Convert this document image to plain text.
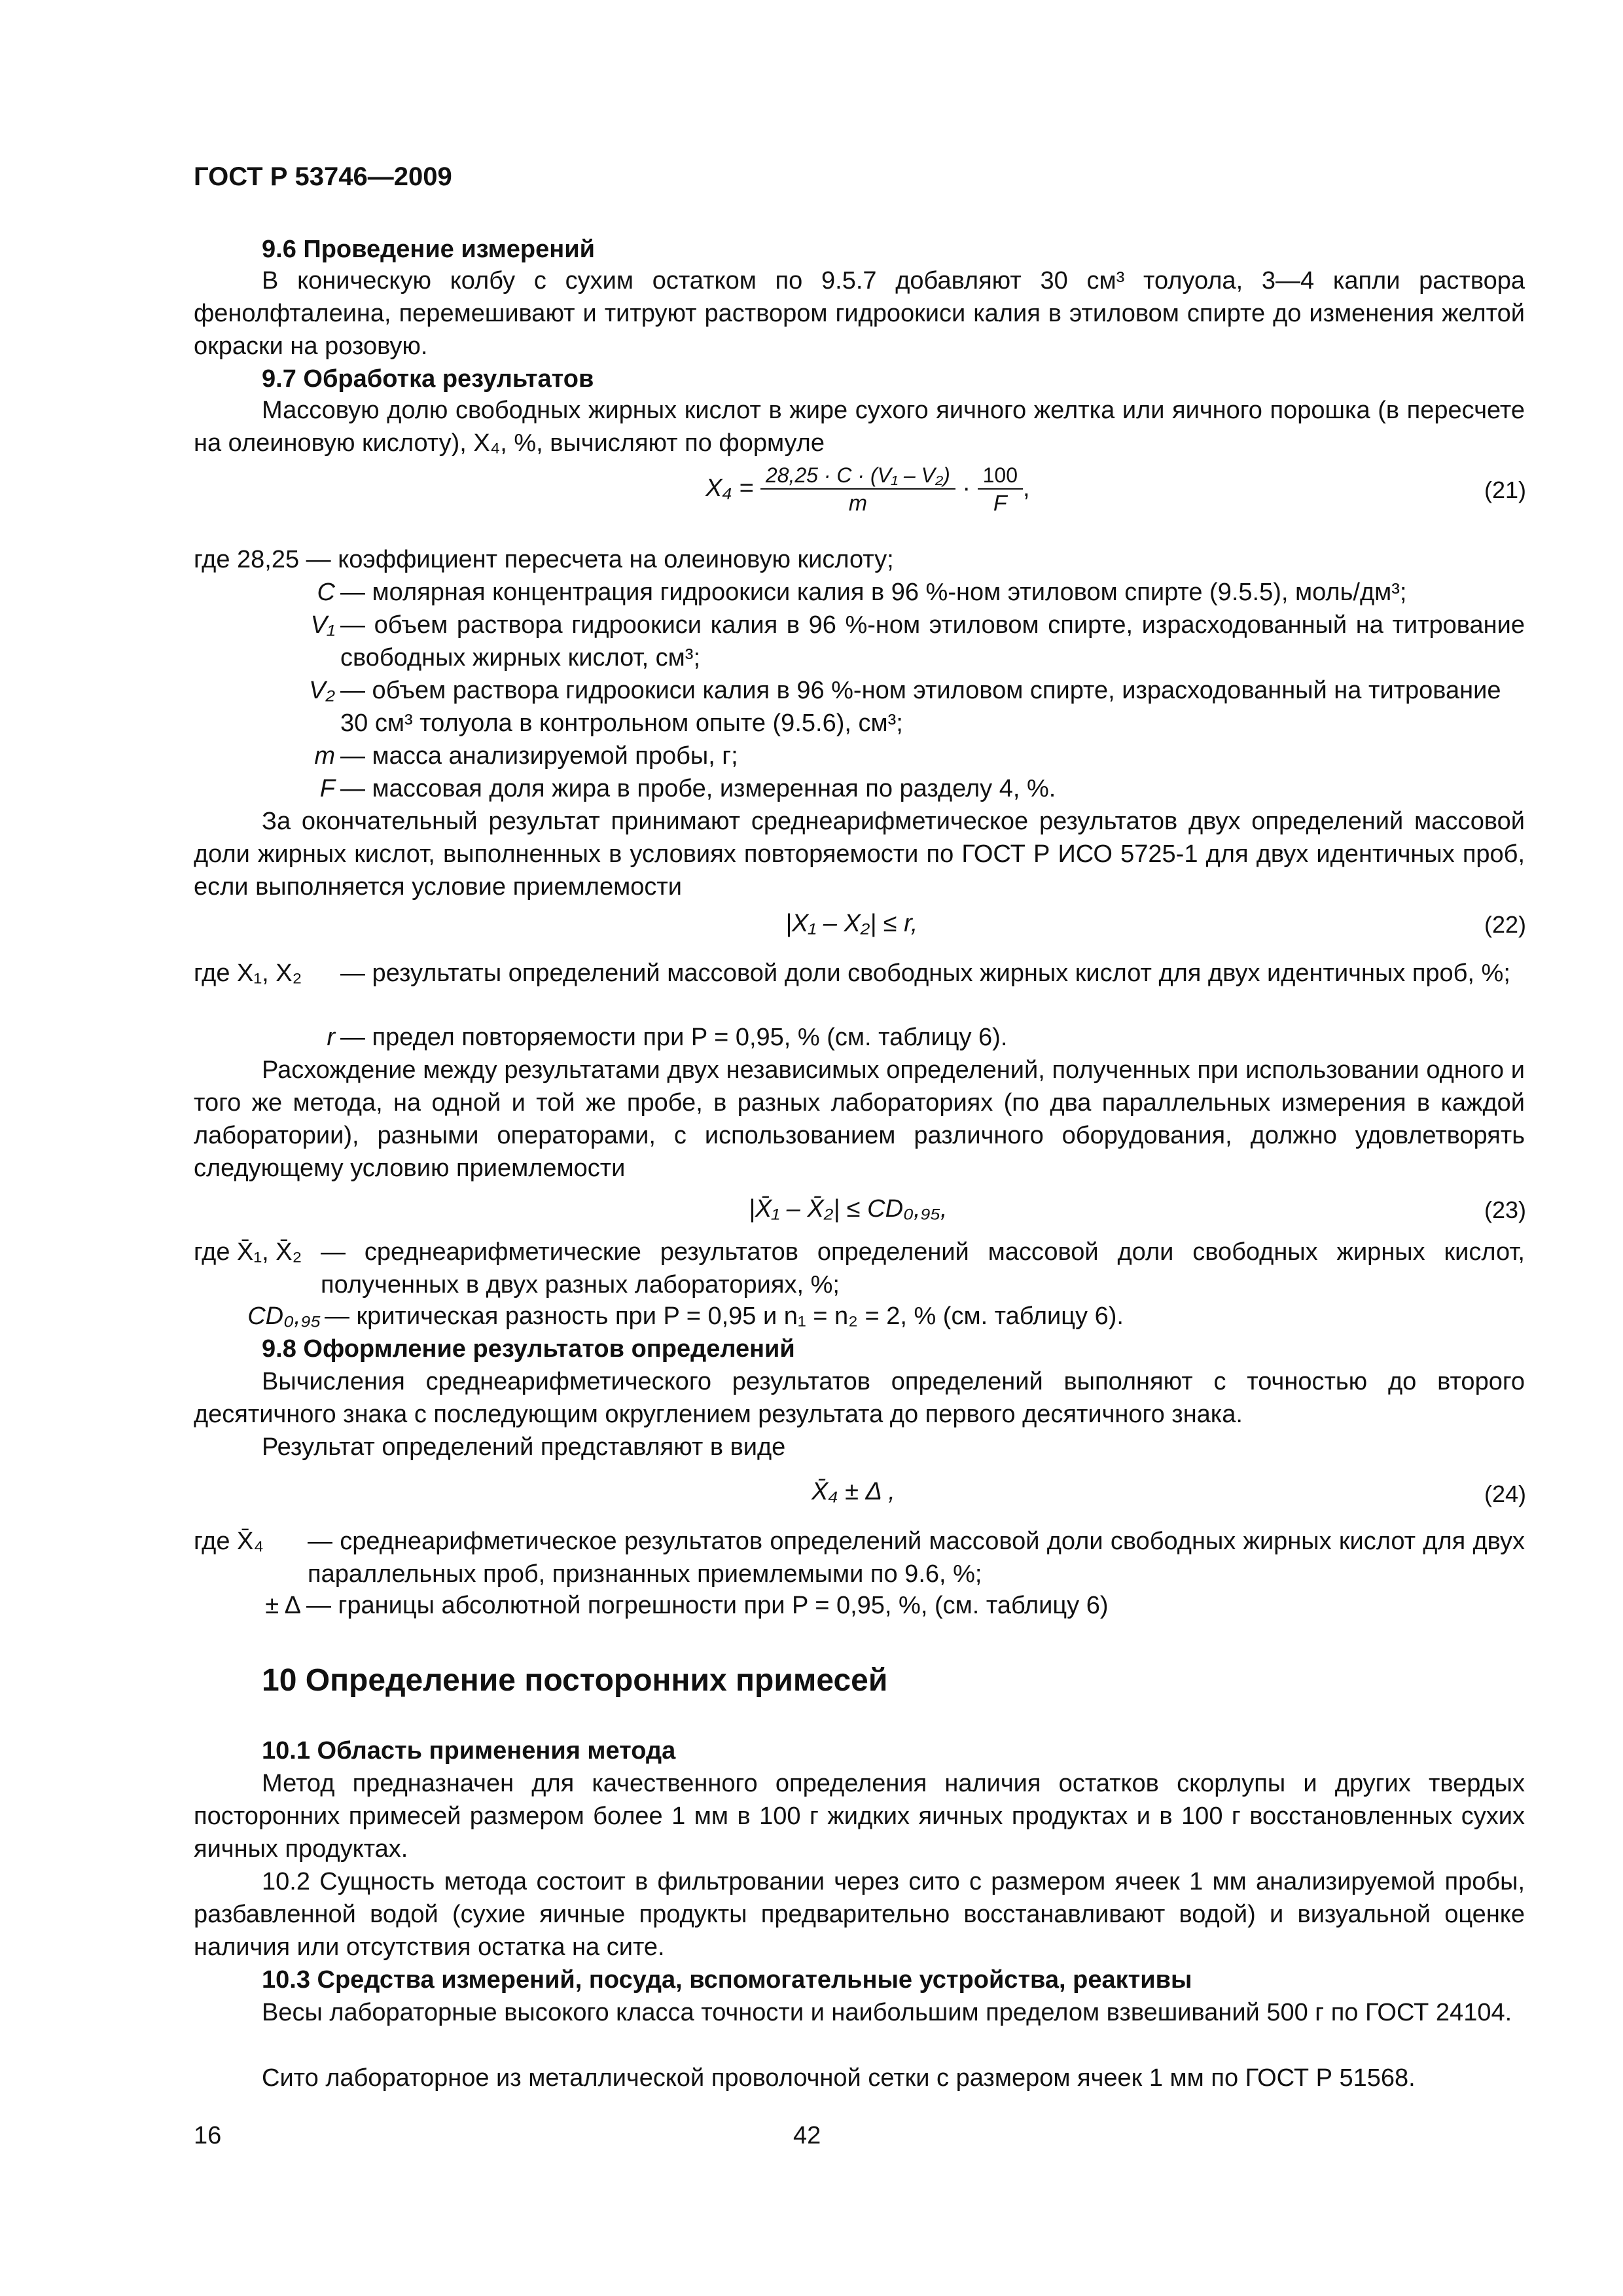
ГОСТ Р 53746—2009
9.6 Проведение измерений
В коническую колбу с сухим остатком по 9.5.7 добавляют 30 см³ толуола, 3—4 капли раствора фенолфталеина, перемешивают и титруют раствором гидроокиси калия в этиловом спирте до изменения желтой окраски на розовую.
9.7 Обработка результатов
Массовую долю свободных жирных кислот в жире сухого яичного желтка или яичного порошка (в пересчете на олеиновую кислоту), X₄, %, вычисляют по формуле
$X_4 = \frac{\text{28,25 · C · (V₁ – V₂)}}{m} \cdot \frac{100}{F}$ ,	(21)
где 28,25 — коэффициент пересчета на олеиновую кислоту;
C — молярная концентрация гидроокиси калия в 96 %-ном этиловом спирте (9.5.5), моль/дм³;
V₁ — объем раствора гидроокиси калия в 96 %-ном этиловом спирте, израсходованный на титрование свободных жирных кислот, см³;
V₂ — объем раствора гидроокиси калия в 96 %-ном этиловом спирте, израсходованный на титрование 30 см³ толуола в контрольном опыте (9.5.6), см³;
m — масса анализируемой пробы, г;
F — массовая доля жира в пробе, измеренная по разделу 4, %.
За окончательный результат принимают среднеарифметическое результатов двух определений массовой доли жирных кислот, выполненных в условиях повторяемости по ГОСТ Р ИСО 5725-1 для двух идентичных проб, если выполняется условие приемлемости
|X₁ – X₂| ≤ r,	(22)
где X₁, X₂ — результаты определений массовой доли свободных жирных кислот для двух идентичных проб, %;
r — предел повторяемости при P = 0,95, % (см. таблицу 6).
Расхождение между результатами двух независимых определений, полученных при использовании одного и того же метода, на одной и той же пробе, в разных лабораториях (по два параллельных измерения в каждой лаборатории), разными операторами, с использованием различного оборудования, должно удовлетворять следующему условию приемлемости
|X̄₁ – X̄₂| ≤ CD₀,₉₅,	(23)
где X̄₁, X̄₂ — среднеарифметические результатов определений массовой доли свободных жирных кислот, полученных в двух разных лабораториях, %;
CD₀,₉₅ — критическая разность при P = 0,95 и n₁ = n₂ = 2, % (см. таблицу 6).
9.8 Оформление результатов определений
Вычисления среднеарифметического результатов определений выполняют с точностью до второго десятичного знака с последующим округлением результата до первого десятичного знака.
Результат определений представляют в виде
X̄₄ ± Δ ,	(24)
где X̄₄ — среднеарифметическое результатов определений массовой доли свободных жирных кислот для двух параллельных проб, признанных приемлемыми по 9.6, %;
± Δ — границы абсолютной погрешности при P = 0,95, %, (см. таблицу 6)
10 Определение посторонних примесей
10.1 Область применения метода
Метод предназначен для качественного определения наличия остатков скорлупы и других твердых посторонних примесей размером более 1 мм в 100 г жидких яичных продуктах и в 100 г восстановленных сухих яичных продуктах.
10.2 Сущность метода состоит в фильтровании через сито с размером ячеек 1 мм анализируемой пробы, разбавленной водой (сухие яичные продукты предварительно восстанавливают водой) и визуальной оценке наличия или отсутствия остатка на сите.
10.3 Средства измерений, посуда, вспомогательные устройства, реактивы
Весы лабораторные высокого класса точности и наибольшим пределом взвешиваний 500 г по ГОСТ 24104.
Сито лабораторное из металлической проволочной сетки с размером ячеек 1 мм по ГОСТ Р 51568.
16	42
